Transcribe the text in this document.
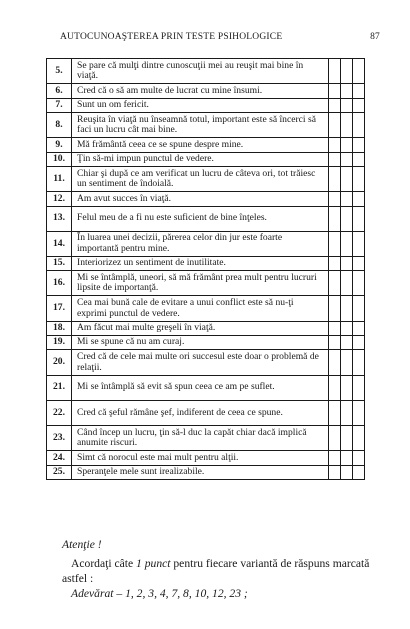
AUTOCUNOAŞTEREA PRIN TESTE PSIHOLOGICE	87
5.	Se pare că mulţi dintre cunoscuţii mei au reuşit mai bine în viaţă.			
6.	Cred că o să am multe de lucrat cu mine însumi.			
7.	Sunt un om fericit.			
8.	Reuşita în viaţă nu înseamnă totul, important este să încerci să faci un lucru cât mai bine.			
9.	Mă frământă ceea ce se spune despre mine.			
10.	Ţin să-mi impun punctul de vedere.			
11.	Chiar şi după ce am verificat un lucru de câteva ori, tot trăiesc un sentiment de îndoială.			
12.	Am avut succes în viaţă.			
13.	Felul meu de a fi nu este suficient de bine înţeles.			
14.	În luarea unei decizii, părerea celor din jur este foarte importantă pentru mine.			
15.	Interiorizez un sentiment de inutilitate.			
16.	Mi se întâmplă, uneori, să mă frământ prea mult pentru lucruri lipsite de importanţă.			
17.	Cea mai bună cale de evitare a unui conflict este să nu-ţi exprimi punctul de vedere.			
18.	Am făcut mai multe greşeli în viaţă.			
19.	Mi se spune că nu am curaj.			
20.	Cred că de cele mai multe ori succesul este doar o problemă de relaţii.			
21.	Mi se întâmplă să evit să spun ceea ce am pe suflet.			
22.	Cred că şeful rămâne şef, indiferent de ceea ce spune.			
23.	Când încep un lucru, ţin să-l duc la capăt chiar dacă implică anumite riscuri.			
24.	Simt că norocul este mai mult pentru alţii.			
25.	Speranţele mele sunt irealizabile.			
Atenţie !
Acordaţi câte 1 punct pentru fiecare variantă de răspuns marcată astfel :
Adevărat – 1, 2, 3, 4, 7, 8, 10, 12, 23 ;
